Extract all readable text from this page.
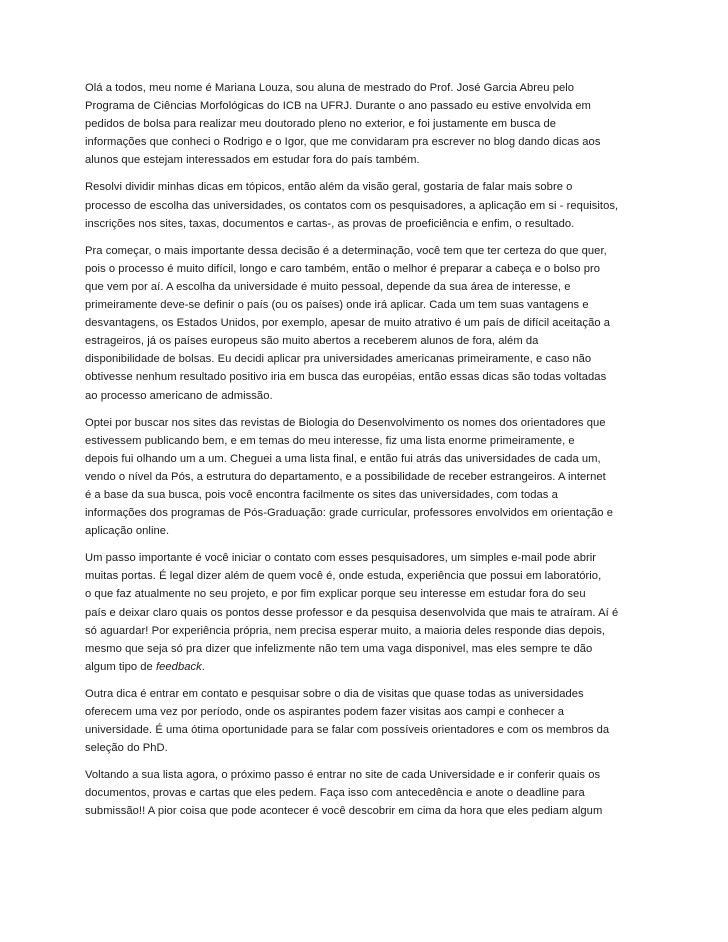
Olá a todos, meu nome é Mariana Louza, sou aluna de mestrado do Prof. José Garcia Abreu pelo
Programa de Ciências Morfológicas do ICB na UFRJ. Durante o ano passado eu estive envolvida em
pedidos de bolsa para realizar meu doutorado pleno no exterior, e foi justamente em busca de
informações que conheci o Rodrigo e o Igor, que me convidaram pra escrever no blog dando dicas aos
alunos que estejam interessados em estudar fora do país também.

Resolvi dividir minhas dicas em tópicos, então além da visão geral, gostaria de falar mais sobre o
processo de escolha das universidades, os contatos com os pesquisadores, a aplicação em si - requisitos,
inscrições nos sites, taxas, documentos e cartas-, as provas de proeficiência e enfim, o resultado.

Pra começar, o mais importante dessa decisão é a determinação, você tem que ter certeza do que quer,
pois o processo é muito difícil, longo e caro também, então o melhor é preparar a cabeça e o bolso pro
que vem por aí. A escolha da universidade é muito pessoal, depende da sua área de interesse, e
primeiramente deve-se definir o país (ou os países) onde irá aplicar. Cada um tem suas vantagens e
desvantagens, os Estados Unidos, por exemplo, apesar de muito atrativo é um país de difícil aceitação a
estrageiros, já os países europeus são muito abertos a receberem alunos de fora, além da
disponibilidade de bolsas. Eu decidi aplicar pra universidades americanas primeiramente, e caso não
obtivesse nenhum resultado positivo iria em busca das européias, então essas dicas são todas voltadas
ao processo americano de admissão.

Optei por buscar nos sites das revistas de Biologia do Desenvolvimento os nomes dos orientadores que
estivessem publicando bem, e em temas do meu interesse, fiz uma lista enorme primeiramente, e
depois fui olhando um a um. Cheguei a uma lista final, e então fui atrás das universidades de cada um,
vendo o nível da Pós, a estrutura do departamento, e a possibilidade de receber estrangeiros. A internet
é a base da sua busca, pois você encontra facilmente os sites das universidades, com todas a
informações dos programas de Pós-Graduação: grade curricular, professores envolvidos em orientação e
aplicação online.

Um passo importante é você iniciar o contato com esses pesquisadores, um simples e-mail pode abrir
muitas portas. É legal dizer além de quem você é, onde estuda, experiência que possui em laboratório,
o que faz atualmente no seu projeto, e por fim explicar porque seu interesse em estudar fora do seu
país e deixar claro quais os pontos desse professor e da pesquisa desenvolvida que mais te atraíram. Aí é
só aguardar! Por experiência própria, nem precisa esperar muito, a maioria deles responde dias depois,
mesmo que seja só pra dizer que infelizmente não tem uma vaga disponivel, mas eles sempre te dão
algum tipo de feedback.

Outra dica é entrar em contato e pesquisar sobre o dia de visitas que quase todas as universidades
oferecem uma vez por período, onde os aspirantes podem fazer visitas aos campi e conhecer a
universidade. É uma ótima oportunidade para se falar com possíveis orientadores e com os membros da
seleção do PhD.

Voltando a sua lista agora, o próximo passo é entrar no site de cada Universidade e ir conferir quais os
documentos, provas e cartas que eles pedem. Faça isso com antecedência e anote o deadline para
submissão!! A pior coisa que pode acontecer é você descobrir em cima da hora que eles pediam algum
